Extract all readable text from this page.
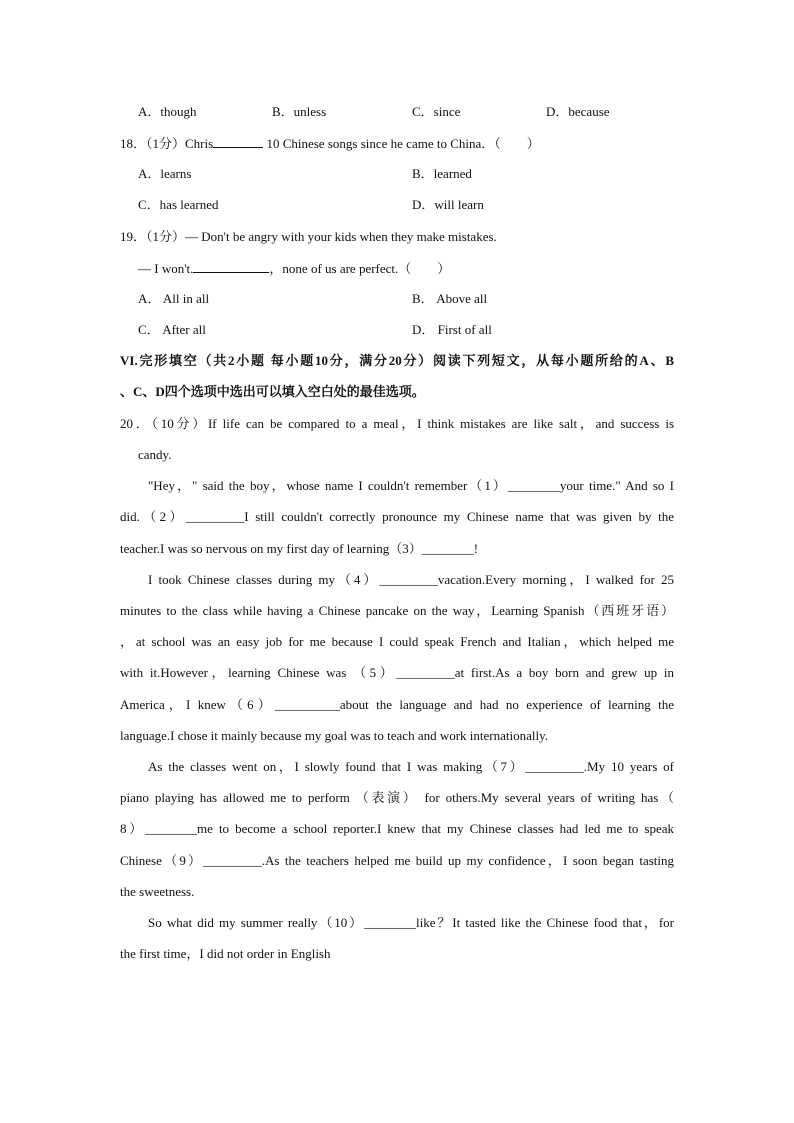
A．though	B．unless	C．since	D．because
18．（1分）Chris	10 Chinese songs since he came to China．（　　）
A．learns	B．learned
C．has learned	D．will learn
19．（1分）— Don't be angry with your kids when they make mistakes.
— I won't.	，none of us are perfect.（　　）
A． All in all	B． Above all
C． After all	D． First of all
VI.完形填空（共2小题 每小题10分，满分20分）阅读下列短文，从每小题所给的A、B
、C、D四个选项中选出可以填入空白处的最佳选项。
20．（10分）If life can be compared to a meal，I think mistakes are like salt，and success is
candy.
"Hey，" said the boy，whose name I couldn't remember（1）________your time." And so I
did.（2）_________I still couldn't correctly pronounce my Chinese name that was given by the
teacher.I was so nervous on my first day of learning（3）________!
I took Chinese classes during my（4）_________vacation.Every morning，I walked for 25
minutes to the class while having a Chinese pancake on the way，Learning Spanish（西班牙语）
，at school was an easy job for me because I could speak French and Italian，which helped me
with it.However，learning Chinese was （5）_________at first.As a boy born and grew up in
America，I knew（6）__________about the language and had no experience of learning the
language.I chose it mainly because my goal was to teach and work internationally.
As the classes went on，I slowly found that I was making（7）_________.My 10 years of
piano playing has allowed me to perform （表演） for others.My several years of writing has（
8）________me to become a school reporter.I knew that my Chinese classes had led me to speak
Chinese（9）_________.As the teachers helped me build up my confidence，I soon began tasting
the sweetness.
So what did my summer really（10）________like？It tasted like the Chinese food that，for
the first time，I did not order in English
